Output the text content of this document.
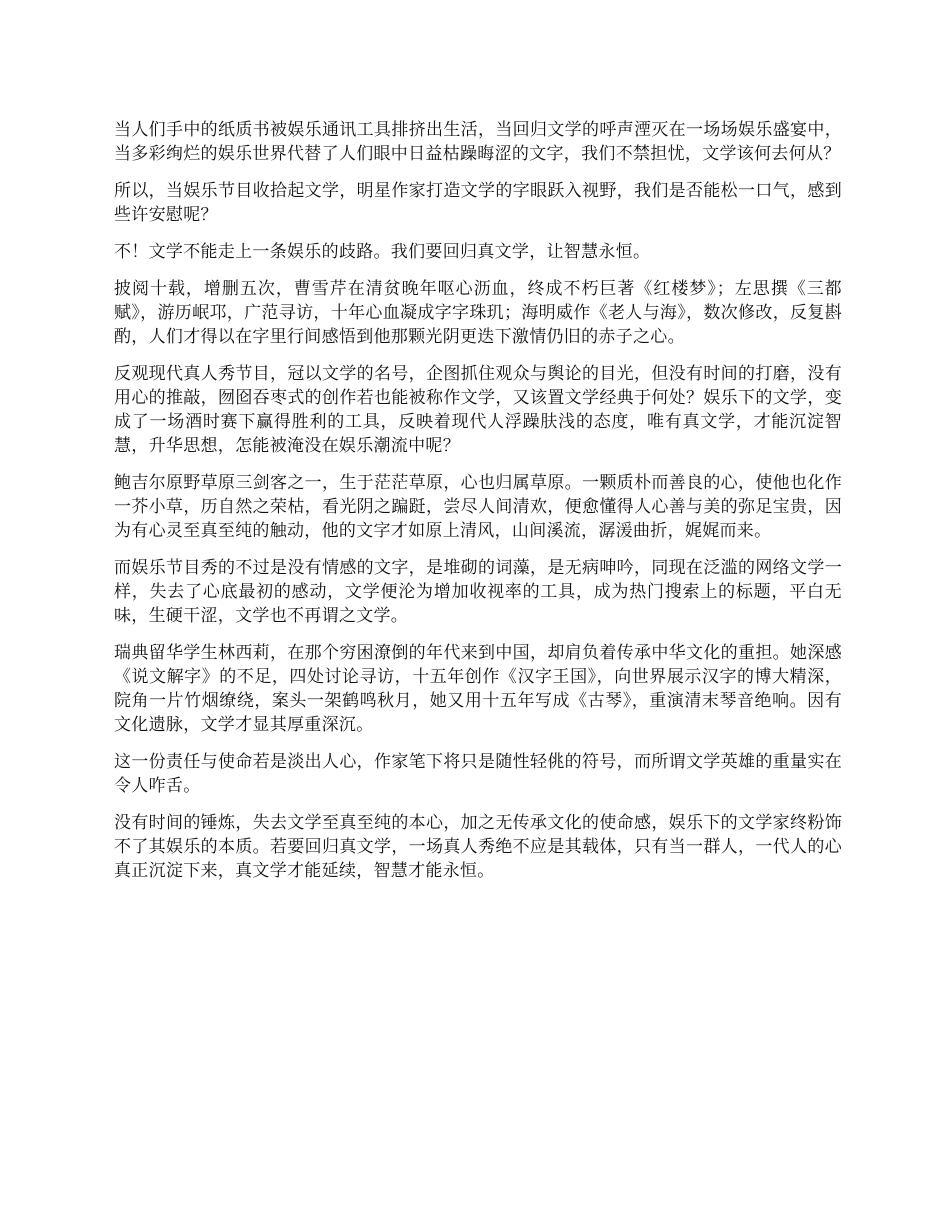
当人们手中的纸质书被娱乐通讯工具排挤出生活，当回归文学的呼声湮灭在一场场娱乐盛宴中，当多彩绚烂的娱乐世界代替了人们眼中日益枯躁晦涩的文字，我们不禁担忧，文学该何去何从？

所以，当娱乐节目收拾起文学，明星作家打造文学的字眼跃入视野，我们是否能松一口气，感到些许安慰呢？

不！文学不能走上一条娱乐的歧路。我们要回归真文学，让智慧永恒。

披阅十载，增删五次，曹雪芹在清贫晚年呕心沥血，终成不朽巨著《红楼梦》；左思撰《三都赋》，游历岷邛，广范寻访，十年心血凝成字字珠玑；海明威作《老人与海》，数次修改，反复斟酌，人们才得以在字里行间感悟到他那颗光阴更迭下激情仍旧的赤子之心。

反观现代真人秀节目，冠以文学的名号，企图抓住观众与舆论的目光，但没有时间的打磨，没有用心的推敲，囫囵吞枣式的创作若也能被称作文学，又该置文学经典于何处？娱乐下的文学，变成了一场酒时赛下赢得胜利的工具，反映着现代人浮躁肤浅的态度，唯有真文学，才能沉淀智慧，升华思想，怎能被淹没在娱乐潮流中呢？

鲍吉尔原野草原三剑客之一，生于茫茫草原，心也归属草原。一颗质朴而善良的心，使他也化作一芥小草，历自然之荣枯，看光阴之蹁跹，尝尽人间清欢，便愈懂得人心善与美的弥足宝贵，因为有心灵至真至纯的触动，他的文字才如原上清风，山间溪流，潺湲曲折，娓娓而来。

而娱乐节目秀的不过是没有情感的文字，是堆砌的词藻，是无病呻吟，同现在泛滥的网络文学一样，失去了心底最初的感动，文学便沦为增加收视率的工具，成为热门搜索上的标题，平白无味，生硬干涩，文学也不再谓之文学。

瑞典留华学生林西莉，在那个穷困潦倒的年代来到中国，却肩负着传承中华文化的重担。她深感《说文解字》的不足，四处讨论寻访，十五年创作《汉字王国》，向世界展示汉字的博大精深，院角一片竹烟缭绕，案头一架鹤鸣秋月，她又用十五年写成《古琴》，重演清末琴音绝响。因有文化遗脉，文学才显其厚重深沉。

这一份责任与使命若是淡出人心，作家笔下将只是随性轻佻的符号，而所谓文学英雄的重量实在令人咋舌。

没有时间的锤炼，失去文学至真至纯的本心，加之无传承文化的使命感，娱乐下的文学家终粉饰不了其娱乐的本质。若要回归真文学，一场真人秀绝不应是其载体，只有当一群人，一代人的心真正沉淀下来，真文学才能延续，智慧才能永恒。
